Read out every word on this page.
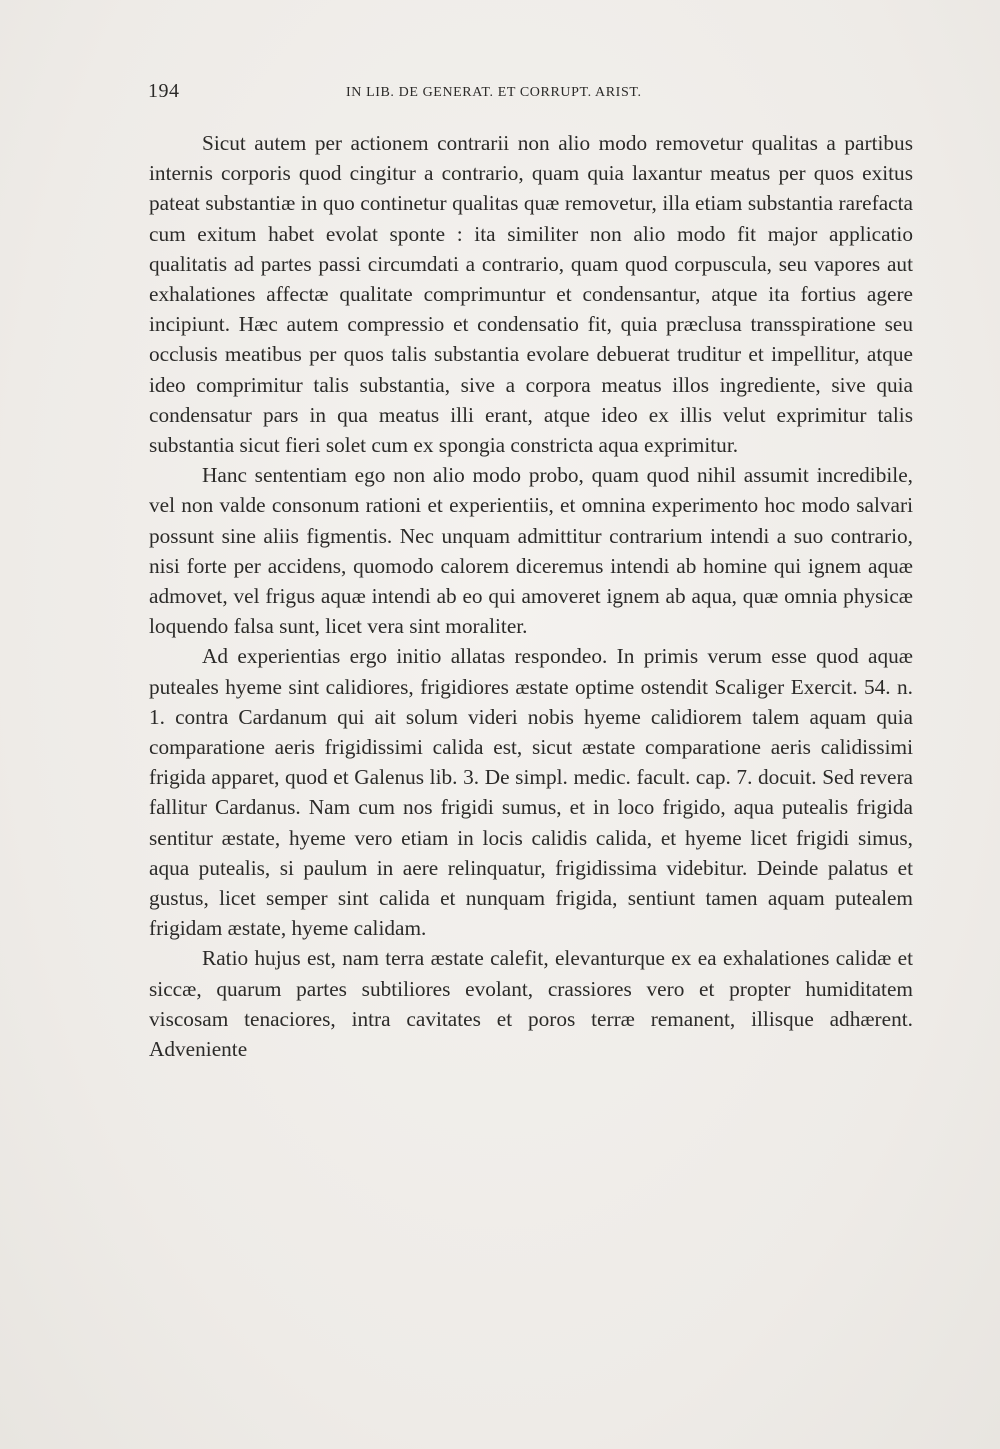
194	IN LIB. DE GENERAT. ET CORRUPT. ARIST.

Sicut autem per actionem contrarii non alio modo removetur qualitas a partibus internis corporis quod cingitur a contrario, quam quia laxantur meatus per quos exitus pateat substantiæ in quo continetur qualitas quæ removetur, illa etiam substantia rarefacta cum exitum habet evolat sponte : ita similiter non alio modo fit major applicatio qualitatis ad partes passi circumdati a contrario, quam quod corpuscula, seu vapores aut exhalationes affectæ qualitate comprimuntur et condensantur, atque ita fortius agere incipiunt. Hæc autem compressio et condensatio fit, quia præclusa transspiratione seu occlusis meatibus per quos talis substantia evolare debuerat truditur et impellitur, atque ideo comprimitur talis substantia, sive a corpora meatus illos ingrediente, sive quia condensatur pars in qua meatus illi erant, atque ideo ex illis velut exprimitur talis substantia sicut fieri solet cum ex spongia constricta aqua exprimitur.

Hanc sententiam ego non alio modo probo, quam quod nihil assumit incredibile, vel non valde consonum rationi et experientiis, et omnina experimento hoc modo salvari possunt sine aliis figmentis. Nec unquam admittitur contrarium intendi a suo contrario, nisi forte per accidens, quomodo calorem diceremus intendi ab homine qui ignem aquæ admovet, vel frigus aquæ intendi ab eo qui amoveret ignem ab aqua, quæ omnia physicæ loquendo falsa sunt, licet vera sint moraliter.

Ad experientias ergo initio allatas respondeo. In primis verum esse quod aquæ puteales hyeme sint calidiores, frigidiores æstate optime ostendit Scaliger Exercit. 54. n. 1. contra Cardanum qui ait solum videri nobis hyeme calidiorem talem aquam quia comparatione aeris frigidissimi calida est, sicut æstate comparatione aeris calidissimi frigida apparet, quod et Galenus lib. 3. De simpl. medic. facult. cap. 7. docuit. Sed revera fallitur Cardanus. Nam cum nos frigidi sumus, et in loco frigido, aqua putealis frigida sentitur æstate, hyeme vero etiam in locis calidis calida, et hyeme licet frigidi simus, aqua putealis, si paulum in aere relinquatur, frigidissima videbitur. Deinde palatus et gustus, licet semper sint calida et nunquam frigida, sentiunt tamen aquam putealem frigidam æstate, hyeme calidam.

Ratio hujus est, nam terra æstate calefit, elevanturque ex ea exhalationes calidæ et siccæ, quarum partes subtiliores evolant, crassiores vero et propter humiditatem viscosam tenaciores, intra cavitates et poros terræ remanent, illisque adhærent. Adveniente
